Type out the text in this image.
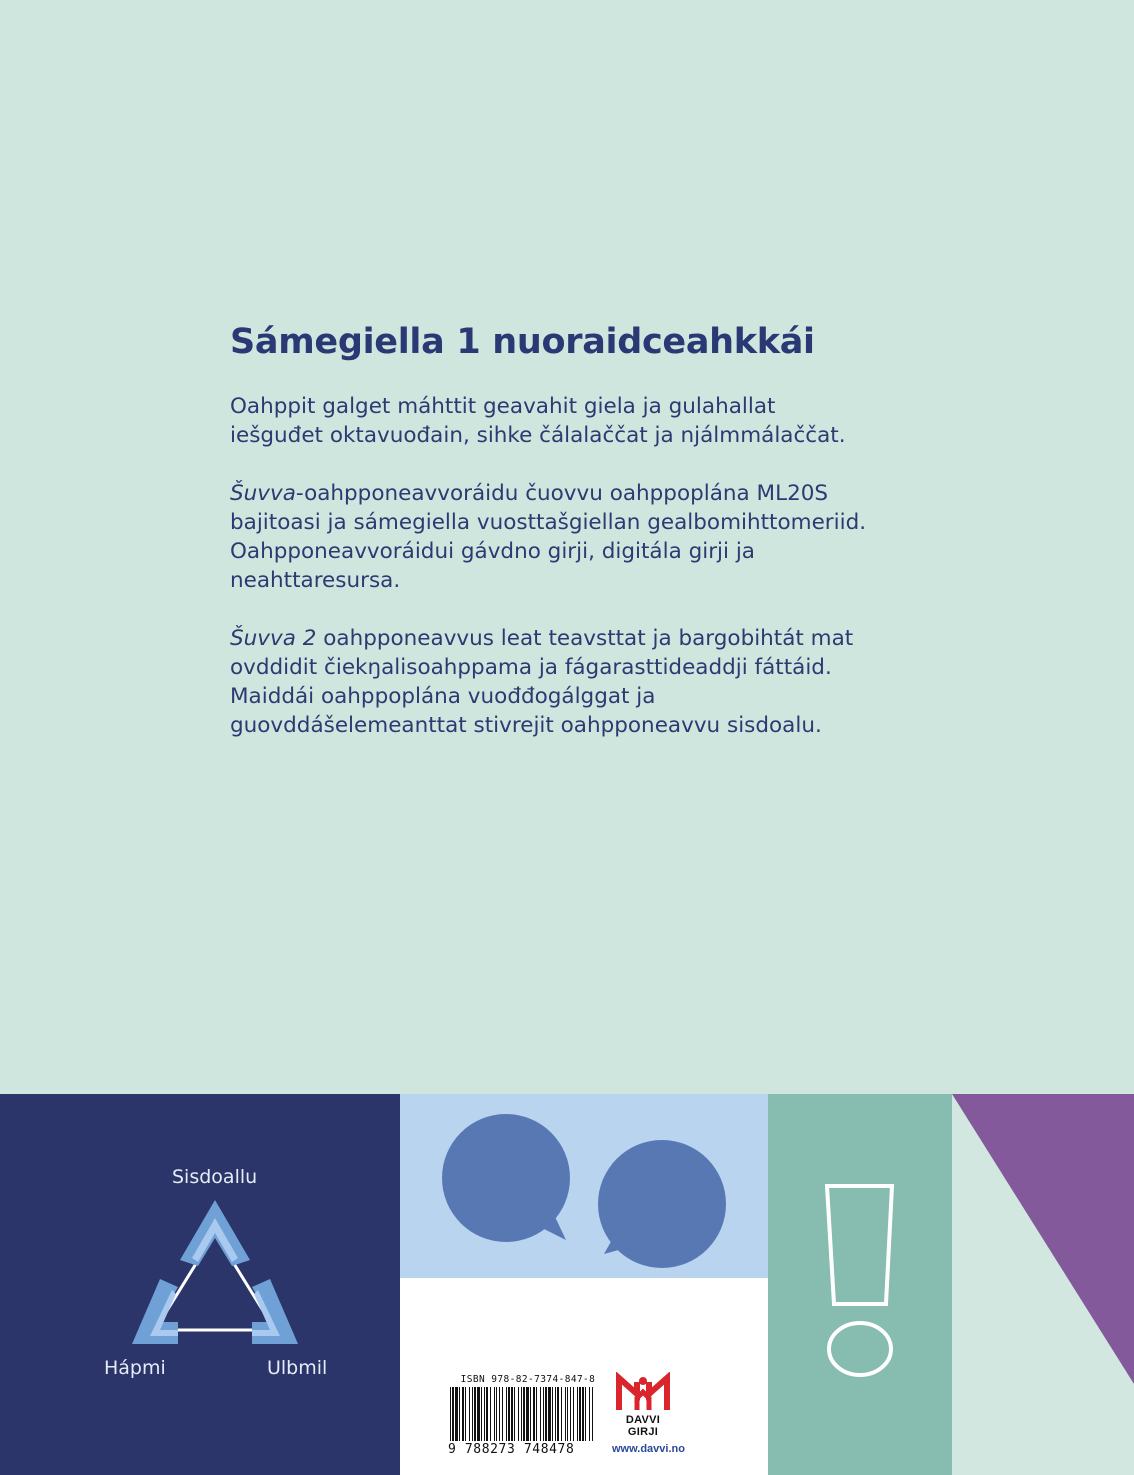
Sámegiella 1 nuoraidceahkkái

Oahppit galget máhttit geavahit giela ja gulahallat iešguđet oktavuođain, sihke čálalaččat ja njálmmálaččat.

Šuvva-oahpponeavvoráidu čuovvu oahppoplána ML20S bajitoasi ja sámegiella vuosttašgiellan gealbomihttomeriid. Oahpponeavvoráidui gávdno girji, digitála girji ja neahttaresursa.

Šuvva 2 oahpponeavvus leat teavsttat ja bargobihtát mat ovddidit čiekŋalisoahppama ja fágarasttideaddji fáttáid. Maiddái oahppoplána vuođđogálggat ja guovddášelemeanttat stivrejit oahpponeavvu sisdoalu.

Sisdoallu
Hápmi	Ulbmil
ISBN 978-82-7374-847-8
9 788273 748478
DAVVI GIRJI
www.davvi.no
